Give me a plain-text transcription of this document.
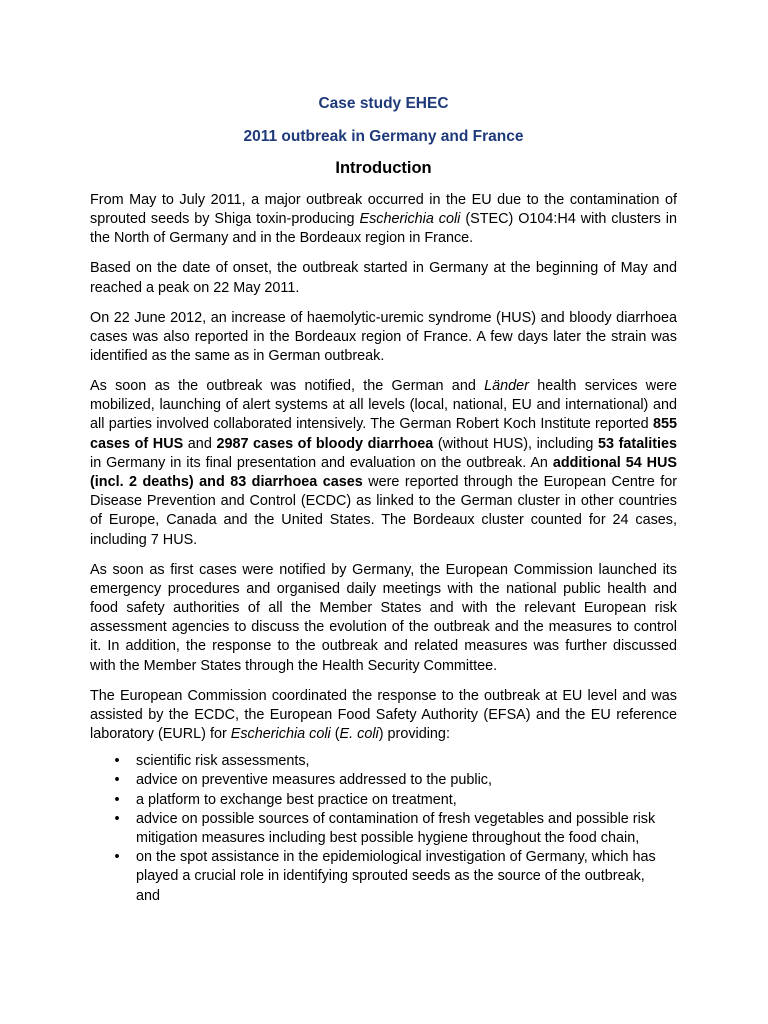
Case study EHEC
2011 outbreak in Germany and France
Introduction

From May to July 2011, a major outbreak occurred in the EU due to the contamination of sprouted seeds by Shiga toxin-producing Escherichia coli (STEC) O104:H4 with clusters in the North of Germany and in the Bordeaux region in France.

Based on the date of onset, the outbreak started in Germany at the beginning of May and reached a peak on 22 May 2011.

On 22 June 2012, an increase of haemolytic-uremic syndrome (HUS) and bloody diarrhoea cases was also reported in the Bordeaux region of France. A few days later the strain was identified as the same as in German outbreak.

As soon as the outbreak was notified, the German and Länder health services were mobilized, launching of alert systems at all levels (local, national, EU and international) and all parties involved collaborated intensively. The German Robert Koch Institute reported 855 cases of HUS and 2987 cases of bloody diarrhoea (without HUS), including 53 fatalities in Germany in its final presentation and evaluation on the outbreak. An additional 54 HUS (incl. 2 deaths) and 83 diarrhoea cases were reported through the European Centre for Disease Prevention and Control (ECDC) as linked to the German cluster in other countries of Europe, Canada and the United States. The Bordeaux cluster counted for 24 cases, including 7 HUS.

As soon as first cases were notified by Germany, the European Commission launched its emergency procedures and organised daily meetings with the national public health and food safety authorities of all the Member States and with the relevant European risk assessment agencies to discuss the evolution of the outbreak and the measures to control it. In addition, the response to the outbreak and related measures was further discussed with the Member States through the Health Security Committee.

The European Commission coordinated the response to the outbreak at EU level and was assisted by the ECDC, the European Food Safety Authority (EFSA) and the EU reference laboratory (EURL) for Escherichia coli (E. coli) providing:

• scientific risk assessments,
• advice on preventive measures addressed to the public,
• a platform to exchange best practice on treatment,
• advice on possible sources of contamination of fresh vegetables and possible risk mitigation measures including best possible hygiene throughout the food chain,
• on the spot assistance in the epidemiological investigation of Germany, which has played a crucial role in identifying sprouted seeds as the source of the outbreak, and
